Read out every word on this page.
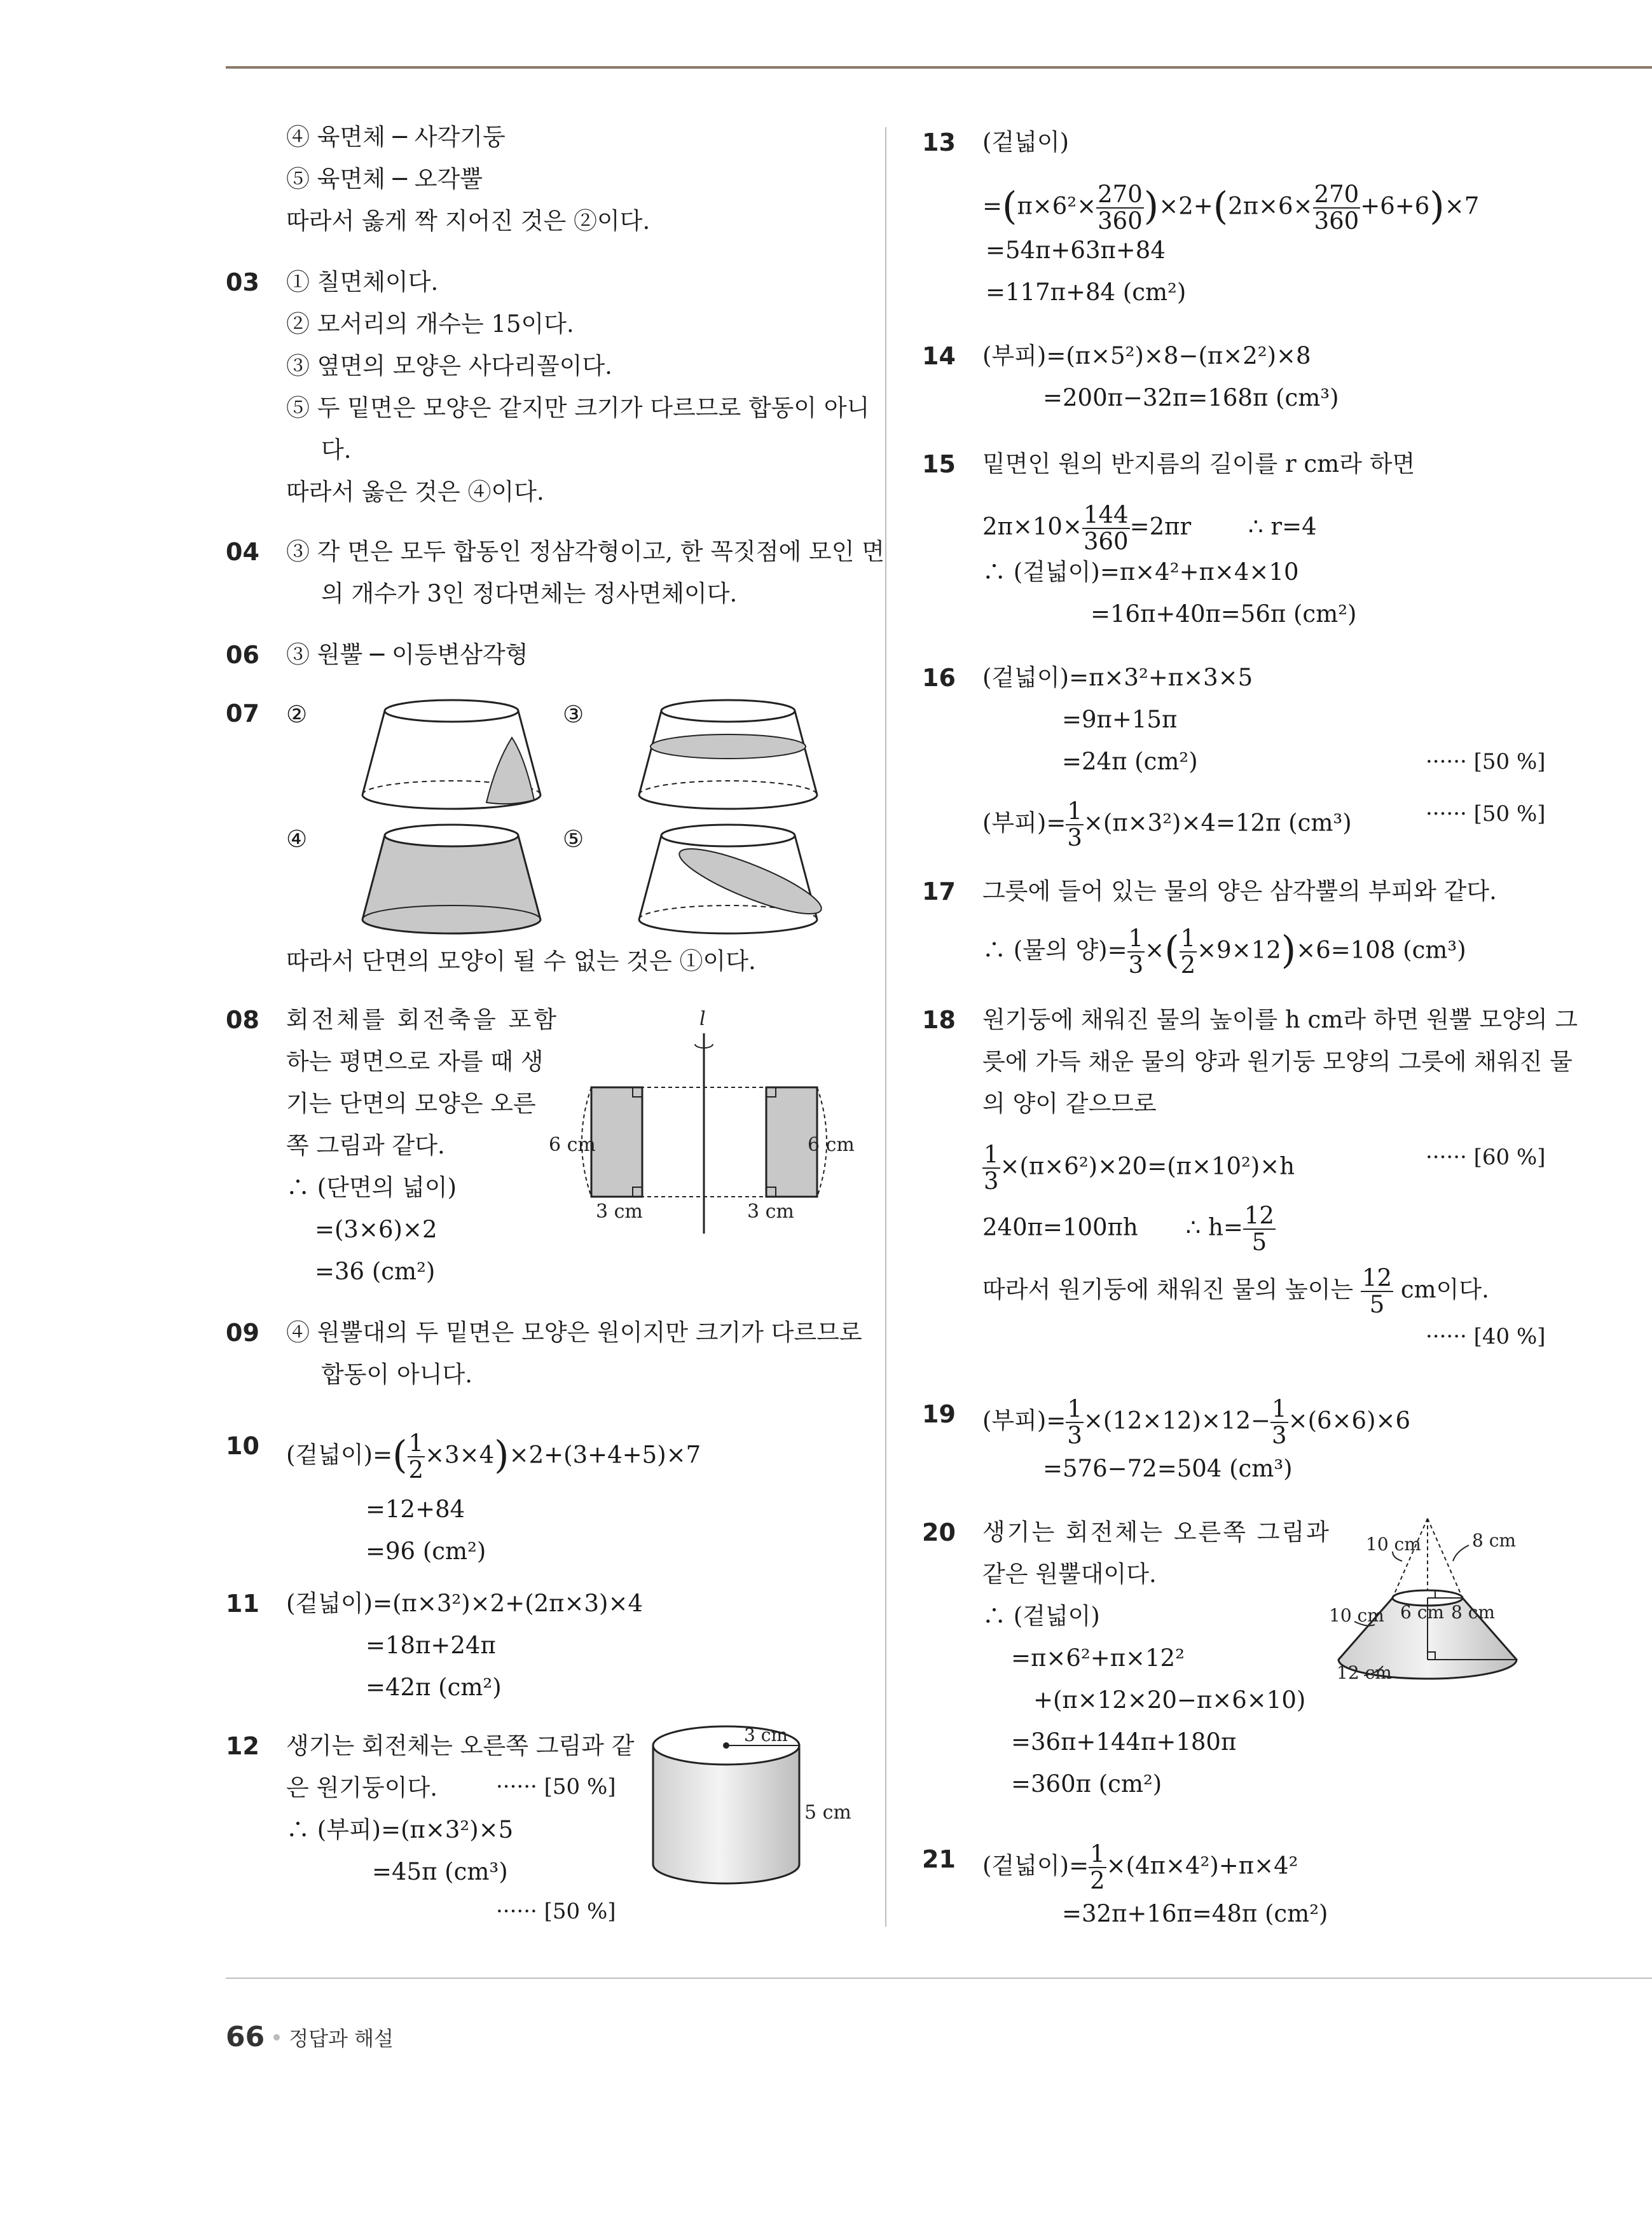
④ 육면체 ─ 사각기둥
⑤ 육면체 ─ 오각뿔
따라서 옳게 짝 지어진 것은 ②이다.
03 ① 칠면체이다.
② 모서리의 개수는 15이다.
③ 옆면의 모양은 사다리꼴이다.
⑤ 두 밑면은 모양은 같지만 크기가 다르므로 합동이 아니
다.
따라서 옳은 것은 ④이다.
04 ③ 각 면은 모두 합동인 정삼각형이고, 한 꼭짓점에 모인 면
의 개수가 3인 정다면체는 정사면체이다.
06 ③ 원뿔 ─ 이등변삼각형
07 ②	③
④	⑤
따라서 단면의 모양이 될 수 없는 것은 ①이다.
08 회전체를 회전축을 포함
하는 평면으로 자를 때 생
기는 단면의 모양은 오른
쪽 그림과 같다.
∴ (단면의 넓이)
=(3×6)×2
=36 (cm²)
l
6 cm	6 cm
3 cm	3 cm
09 ④ 원뿔대의 두 밑면은 모양은 원이지만 크기가 다르므로
합동이 아니다.
10 (겉넓이)=( $\frac{1}{2} \times 3\times 4)\times 2+(3+4+5)\times 7$
=12+84
=96 (cm²)
11 (겉넓이)=(π×3²)×2+(2π×3)×4
=18π+24π
=42π (cm²)
12 생기는 회전체는 오른쪽 그림과 같
은 원기둥이다.	······ [50 %]
∴ (부피)=(π×3²)×5
=45π (cm³)
······ [50 %]
3 cm
5 cm
13 (겉넓이)
$=(\pi\times 6^2\times \frac{270}{360} )\times 2+(2\pi\times 6\times \frac{270}{360} +6+6)\times 7$
=54π+63π+84
=117π+84 (cm²)
14 (부피)=(π×5²)×8−(π×2²)×8
=200π−32π=168π (cm³)
15 밑면인 원의 반지름의 길이를 r cm라 하면
$2\pi\times 10\times \frac{144}{360} =2\pi r$ ∴ r=4
∴ (겉넓이)=π×4²+π×4×10
=16π+40π=56π (cm²)
16 (겉넓이)=π×3²+π×3×5
=9π+15π
=24π (cm²)	······ [50 %]
(부피)= $\frac{1}{3} \times(\pi\times 3^2)\times 4=12\pi$ (cm³)	······ [50 %]
17 그릇에 들어 있는 물의 양은 삼각뿔의 부피와 같다.
∴ (물의 양)= $\frac{1}{3}$ ×( $\frac{1}{2} \times 9\times 12)\times 6=108$ (cm³)
18 원기둥에 채워진 물의 높이를 h cm라 하면 원뿔 모양의 그
릇에 가득 채운 물의 양과 원기둥 모양의 그릇에 채워진 물
의 양이 같으므로
$\frac{1}{3} \times(\pi\times 6^2)\times 20=(\pi\times 10^2)\times h$	······ [60 %]
240π=100πh ∴ $h= \frac{12}{5}$
따라서 원기둥에 채워진 물의 높이는 $\frac{12}{5}$ cm이다.
······ [40 %]
19 (부피)= $\frac{1}{3} \times(12\times 12)\times 12- \frac{1}{3} \times(6\times 6)\times 6$
=576−72=504 (cm³)
20 생기는 회전체는 오른쪽 그림과
같은 원뿔대이다.
∴ (겉넓이)
=π×6²+π×12²
+(π×12×20−π×6×10)
=36π+144π+180π
=360π (cm²)
10 cm	8 cm
10 cm 6 cm 8 cm
12 cm
21 (겉넓이)= $\frac{1}{2} \times(4\pi\times 4^2)+\pi\times 4^2$
=32π+16π=48π (cm²)
66 정답과 해설
